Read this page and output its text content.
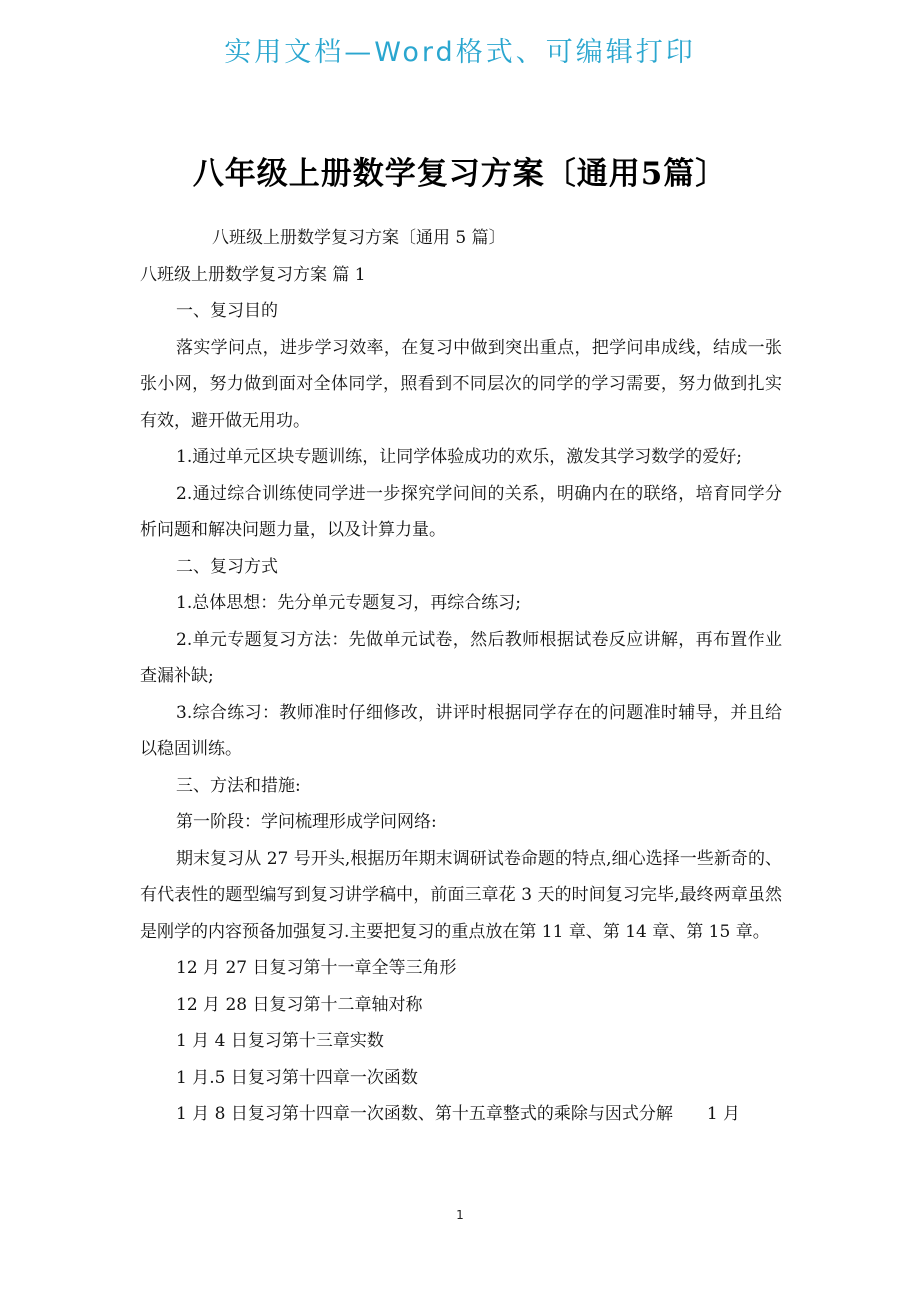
实用文档—Word格式、可编辑打印
八年级上册数学复习方案〔通用5篇〕

八班级上册数学复习方案〔通用 5 篇〕

八班级上册数学复习方案 篇 1

一、复习目的

落实学问点，进步学习效率，在复习中做到突出重点，把学问串成线，结成一张张小网，努力做到面对全体同学，照看到不同层次的同学的学习需要，努力做到扎实有效，避开做无用功。

1.通过单元区块专题训练，让同学体验成功的欢乐，激发其学习数学的爱好;

2.通过综合训练使同学进一步探究学问间的关系，明确内在的联络，培育同学分析问题和解决问题力量，以及计算力量。

二、复习方式

1.总体思想：先分单元专题复习，再综合练习;

2.单元专题复习方法：先做单元试卷，然后教师根据试卷反应讲解，再布置作业查漏补缺;

3.综合练习：教师准时仔细修改，讲评时根据同学存在的问题准时辅导，并且给以稳固训练。

三、方法和措施:

第一阶段：学问梳理形成学问网络:

期末复习从 27 号开头,根据历年期末调研试卷命题的特点,细心选择一些新奇的、有代表性的题型编写到复习讲学稿中，前面三章花 3 天的时间复习完毕,最终两章虽然是刚学的内容预备加强复习.主要把复习的重点放在第 11 章、第 14 章、第 15 章。

12 月 27 日复习第十一章全等三角形

12 月 28 日复习第十二章轴对称

1 月 4 日复习第十三章实数

1 月.5 日复习第十四章一次函数

1 月 8 日复习第十四章一次函数、第十五章整式的乘除与因式分解　　1 月

1
